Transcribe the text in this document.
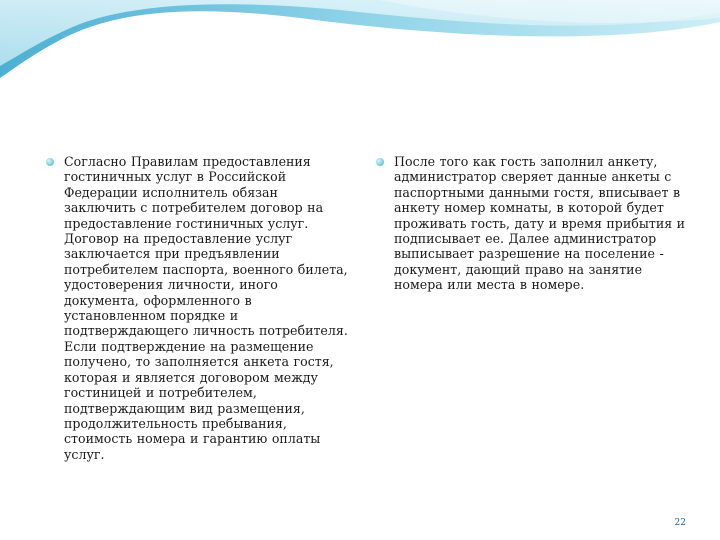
Согласно Правилам предоставления гостиничных услуг в Российской Федерации исполнитель обязан заключить с потребителем договор на предоставление гостиничных услуг. Договор на предоставление услуг заключается при предъявлении потребителем паспорта, военного билета, удостоверения личности, иного документа, оформленного в установленном порядке и подтверждающего личность потребителя. Если подтверждение на размещение получено, то заполняется анкета гостя, которая и является договором между гостиницей и потребителем, подтверждающим вид размещения, продолжительность пребывания, стоимость номера и гарантию оплаты услуг.

После того как гость заполнил анкету, администратор сверяет данные анкеты с паспортными данными гостя, вписывает в анкету номер комнаты, в которой будет проживать гость, дату и время прибытия и подписывает ее. Далее администратор выписывает разрешение на поселение - документ, дающий право на занятие номера или места в номере.

22
